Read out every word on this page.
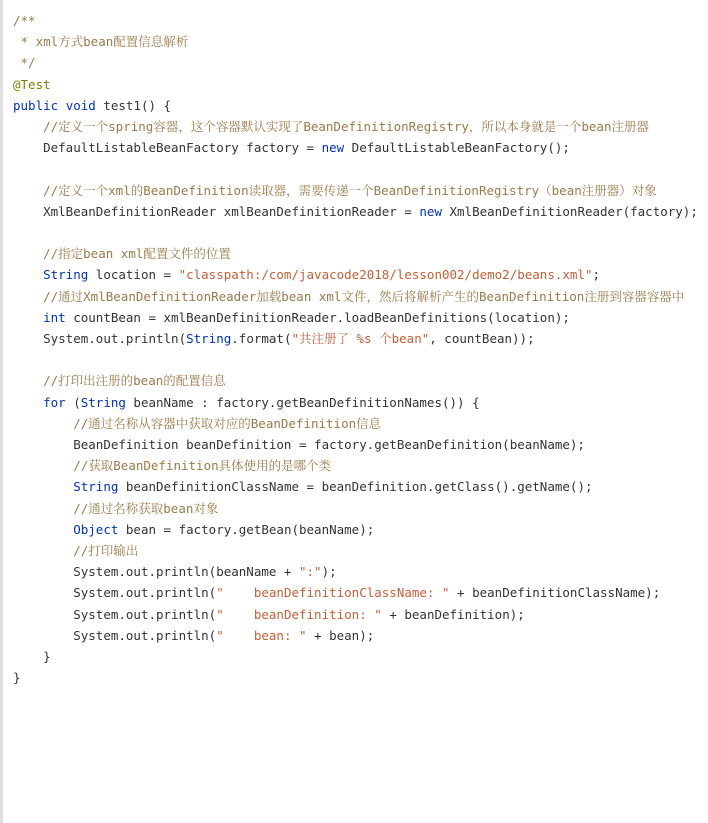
/**
* xml方式bean配置信息解析
*/
@Test
public void test1() {
//定义一个spring容器，这个容器默认实现了BeanDefinitionRegistry，所以本身就是一个bean注册器
DefaultListableBeanFactory factory = new DefaultListableBeanFactory();

//定义一个xml的BeanDefinition读取器，需要传递一个BeanDefinitionRegistry（bean注册器）对象
XmlBeanDefinitionReader xmlBeanDefinitionReader = new XmlBeanDefinitionReader(factory);

//指定bean xml配置文件的位置
String location = "classpath:/com/javacode2018/lesson002/demo2/beans.xml";
//通过XmlBeanDefinitionReader加载bean xml文件，然后将解析产生的BeanDefinition注册到容器容器中
int countBean = xmlBeanDefinitionReader.loadBeanDefinitions(location);
System.out.println(String.format("共注册了 %s 个bean", countBean));

//打印出注册的bean的配置信息
for (String beanName : factory.getBeanDefinitionNames()) {
//通过名称从容器中获取对应的BeanDefinition信息
BeanDefinition beanDefinition = factory.getBeanDefinition(beanName);
//获取BeanDefinition具体使用的是哪个类
String beanDefinitionClassName = beanDefinition.getClass().getName();
//通过名称获取bean对象
Object bean = factory.getBean(beanName);
//打印输出
System.out.println(beanName + ":");
System.out.println("    beanDefinitionClassName: " + beanDefinitionClassName);
System.out.println("    beanDefinition: " + beanDefinition);
System.out.println("    bean: " + bean);
}
}
